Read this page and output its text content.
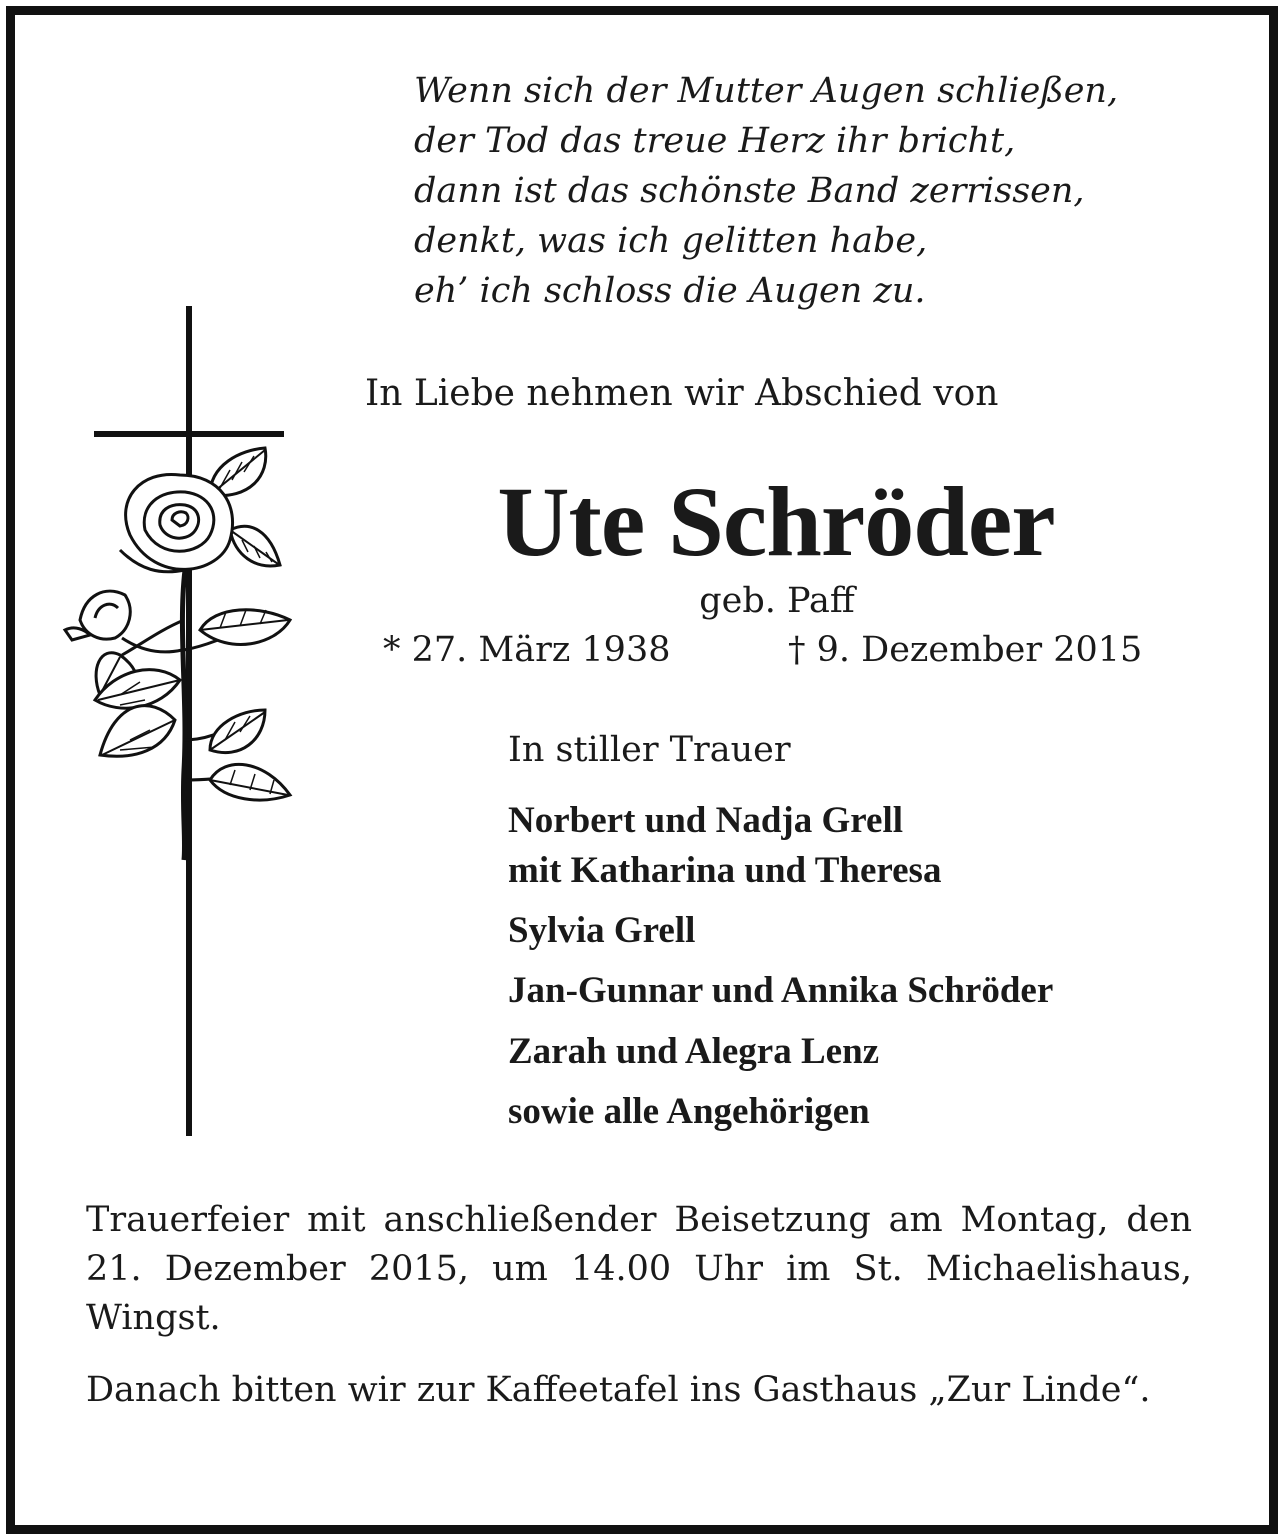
Wenn sich der Mutter Augen schließen,
der Tod das treue Herz ihr bricht,
dann ist das schönste Band zerrissen,
denkt, was ich gelitten habe,
eh’ ich schloss die Augen zu.
In Liebe nehmen wir Abschied von
Ute Schröder
geb. Paff
* 27. März 1938	† 9. Dezember 2015
In stiller Trauer
Norbert und Nadja Grell
mit Katharina und Theresa
Sylvia Grell
Jan-Gunnar und Annika Schröder
Zarah und Alegra Lenz
sowie alle Angehörigen

Trauerfeier mit anschließender Beisetzung am Montag, den 21. Dezember 2015, um 14.00 Uhr im St. Michaelishaus, Wingst.

Danach bitten wir zur Kaffeetafel ins Gasthaus „Zur Linde“.
